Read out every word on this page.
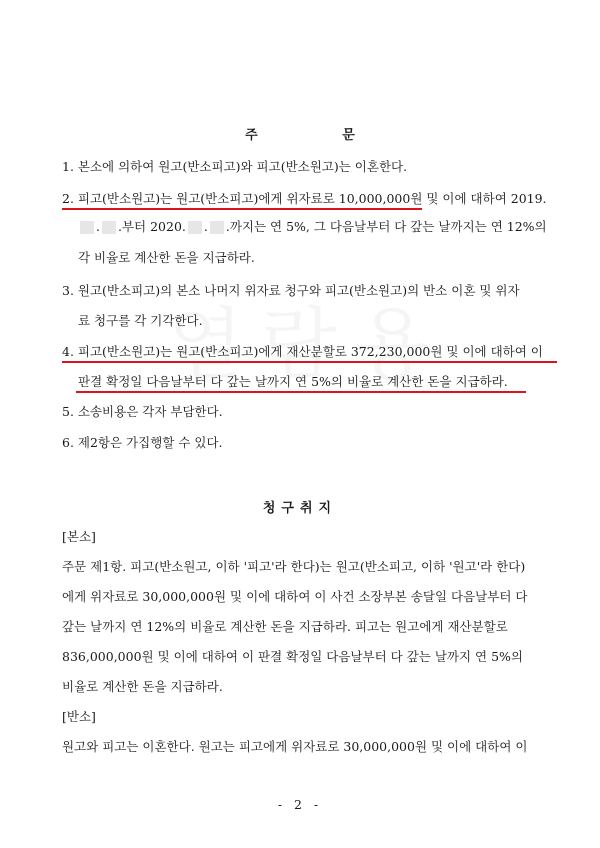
주 문
1. 본소에 의하여 원고(반소피고)와 피고(반소원고)는 이혼한다.
2. 피고(반소원고)는 원고(반소피고)에게 위자료로 10,000,000원 및 이에 대하여 2019.
. .부터 2020. . .까지는 연 5%, 그 다음날부터 다 갚는 날까지는 연 12%의
각 비율로 계산한 돈을 지급하라.
3. 원고(반소피고)의 본소 나머지 위자료 청구와 피고(반소원고)의 반소 이혼 및 위자
료 청구를 각 기각한다.
4. 피고(반소원고)는 원고(반소피고)에게 재산분할로 372,230,000원 및 이에 대하여 이
판결 확정일 다음날부터 다 갚는 날까지 연 5%의 비율로 계산한 돈을 지급하라.
5. 소송비용은 각자 부담한다.
6. 제2항은 가집행할 수 있다.
청구취지
[본소]
주문 제1항. 피고(반소원고, 이하 '피고'라 한다)는 원고(반소피고, 이하 '원고'라 한다)
에게 위자료로 30,000,000원 및 이에 대하여 이 사건 소장부본 송달일 다음날부터 다
갚는 날까지 연 12%의 비율로 계산한 돈을 지급하라. 피고는 원고에게 재산분할로
836,000,000원 및 이에 대하여 이 판결 확정일 다음날부터 다 갚는 날까지 연 5%의
비율로 계산한 돈을 지급하라.
[반소]
원고와 피고는 이혼한다. 원고는 피고에게 위자료로 30,000,000원 및 이에 대하여 이
- 2 -
